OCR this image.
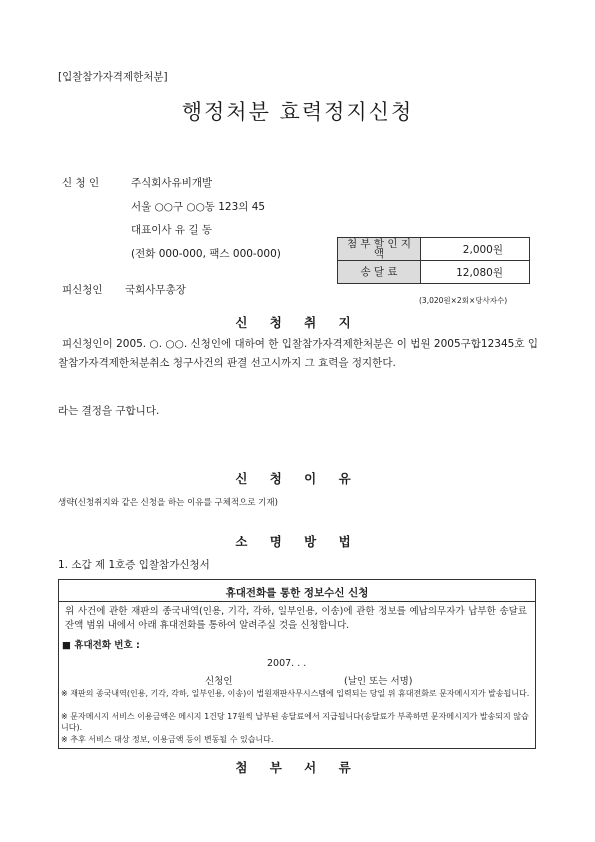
[입찰참가자격제한처분]
행정처분 효력정지신청
신 청 인	주식회사유비개발
서울 ○○구 ○○동 123의 45
대표이사 유 길 동
(전화 000-000, 팩스 000-000)
피신청인 국회사무총장
첨 부 할 인 지 액	2,000원
송 달 료	12,080원
(3,020원×2회×당사자수)
신 청 취 지
피신청인이 2005. ○. ○○. 신청인에 대하여 한 입찰참가자격제한처분은 이 법원 2005구합12345호 입찰참가자격제한처분취소 청구사건의 판결 선고시까지 그 효력을 정지한다.
라는 결정을 구합니다.
신 청 이 유
생략(신청취지와 같은 신청을 하는 이유를 구체적으로 기재)
소 명 방 법
1. 소갑 제 1호증 입찰참가신청서
휴대전화를 통한 정보수신 신청
위 사건에 관한 재판의 종국내역(인용, 기각, 각하, 일부인용, 이송)에 관한 정보를 예납의무자가 납부한 송달료 잔액 범위 내에서 아래 휴대전화를 통하여 알려주실 것을 신청합니다.
■ 휴대전화 번호 :
2007. . .
신청인	(날인 또는 서명)
※ 재판의 종국내역(인용, 기각, 각하, 일부인용, 이송)이 법원재판사무시스템에 입력되는 당일 위 휴대전화로 문자메시지가 발송됩니다.
※ 문자메시지 서비스 이용금액은 메시지 1건당 17원씩 납부된 송달료에서 지급됩니다(송달료가 부족하면 문자메시지가 발송되지 않습니다).
※ 추후 서비스 대상 정보, 이용금액 등이 변동될 수 있습니다.
첨 부 서 류
